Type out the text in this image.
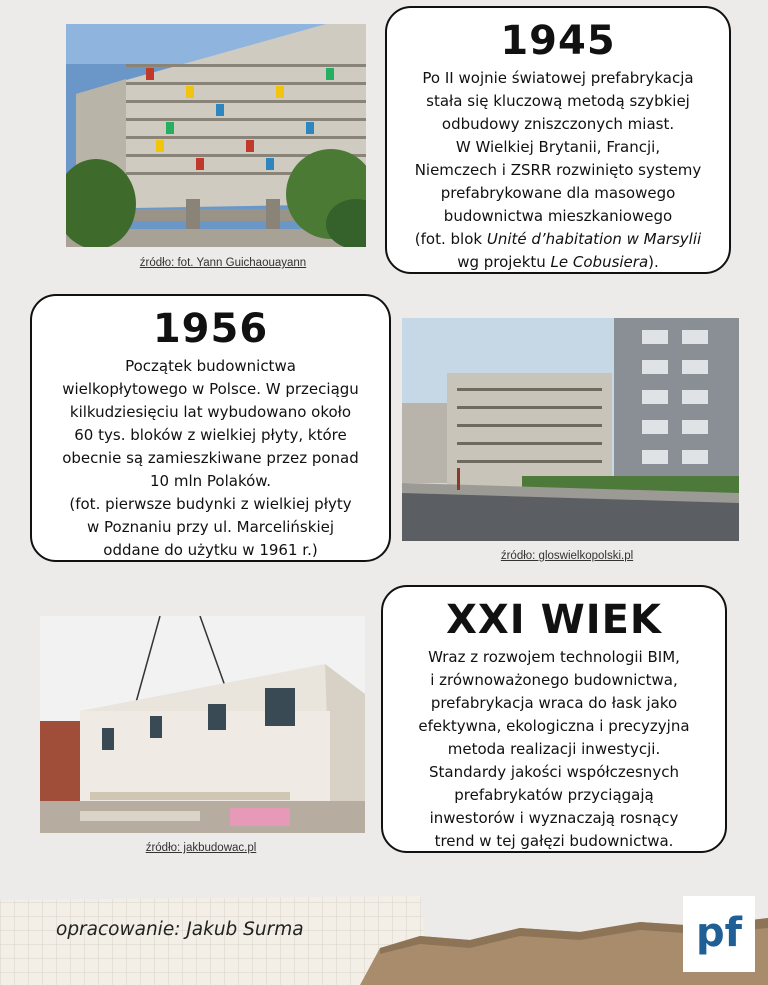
źródło: fot. Yann Guichaouayann
1945
Po II wojnie światowej prefabrykacja
stała się kluczową metodą szybkiej
odbudowy zniszczonych miast.
W Wielkiej Brytanii, Francji,
Niemczech i ZSRR rozwinięto systemy
prefabrykowane dla masowego
budownictwa mieszkaniowego
(fot. blok Unité d’habitation w Marsylii
wg projektu Le Cobusiera).
1956
Początek budownictwa
wielkopłytowego w Polsce. W przeciągu
kilkudziesięciu lat wybudowano około
60 tys. bloków z wielkiej płyty, które
obecnie są zamieszkiwane przez ponad
10 mln Polaków.
(fot. pierwsze budynki z wielkiej płyty
w Poznaniu przy ul. Marcelińskiej
oddane do użytku w 1961 r.)	źródło: gloswielkopolski.pl
źródło: jakbudowac.pl
XXI WIEK
Wraz z rozwojem technologii BIM,
i zrównoważonego budownictwa,
prefabrykacja wraca do łask jako
efektywna, ekologiczna i precyzyjna
metoda realizacji inwestycji.
Standardy jakości współczesnych
prefabrykatów przyciągają
inwestorów i wyznaczają rosnący
trend w tej gałęzi budownictwa.
opracowanie: Jakub Surma	pf
